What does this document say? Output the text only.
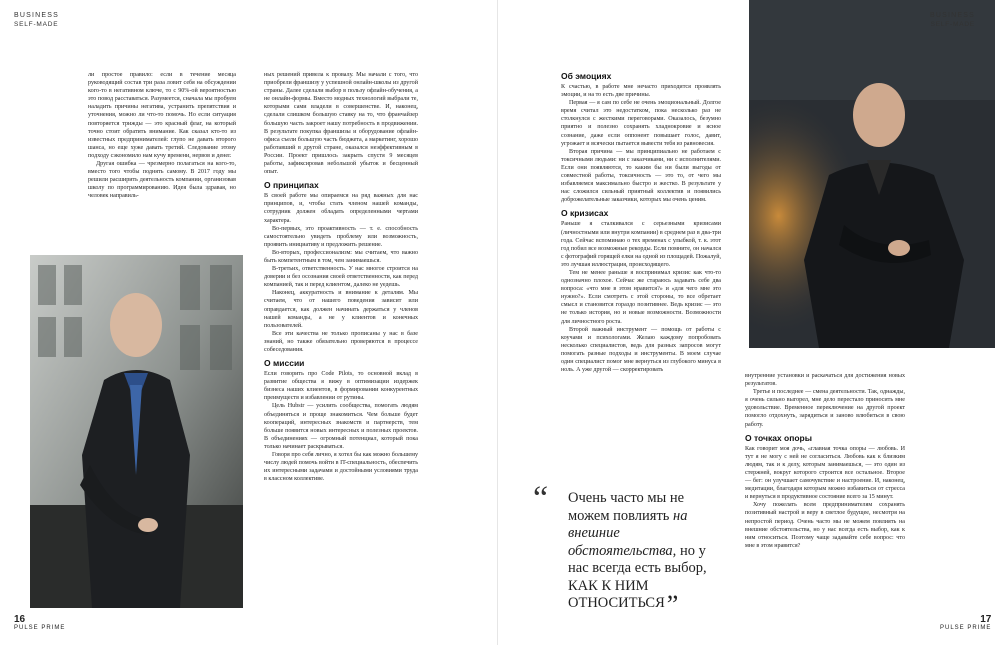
BUSINESS
SELF-MADE

ли простое правило: если в течение месяца руководящий состав три раза ловит себя на обсуждении кого-то в негативном ключе, то с 90%-ой вероятностью это повод расставаться. Разумеется, сначала мы пробуем наладить причины негатива, устранить препятствия и уточнения, можно ли что-то помочь. Но если ситуация повторяется трижды — это красный флаг, на который точно стоит обратить внимание. Как сказал кто-то из известных предпринимателей: глупо не давать второго шанса, но еще хуже давать третий. Следование этому подходу сэкономило нам кучу времени, нервов и денег.

Другая ошибка — чрезмерно полагаться на кого-то, вместо того чтобы поднять самому. В 2017 году мы решили расширить деятельность компании, организовав школу по программированию. Идея была здравая, но человек направиль-

ных решений привела к провалу. Мы начали с того, что приобрели франшизу у успешной онлайн-школы из другой страны. Далее сделали выбор в пользу офлайн-обучения, а не онлайн-формы. Вместо модных технологий выбрали те, которыми сами владели в совершенстве. И, наконец, сделали слишком большую ставку на то, что франчайзер большую часть закроет нашу потребность в продвижении. В результате покупка франшизы и оборудование офлайн-офиса съели большую часть бюджета, а маркетинг, хорошо работавший в другой стране, оказался неэффективным в России. Проект пришлось закрыть спустя 9 месяцев работы, зафиксировав небольшой убыток и бесценный опыт.

О принципах

В своей работе мы опираемся на ряд важных для нас принципов, и, чтобы стать членом нашей команды, сотрудник должен обладать определенными чертами характера.

Во-первых, это проактивность — т. е. способность самостоятельно увидеть проблему или возможность, проявить инициативу и предложить решение.

Во-вторых, профессионализм: мы считаем, что важно быть компетентным в том, чем занимаешься.

В-третьих, ответственность. У нас многое строится на доверии и без осознания своей ответственности, как перед компанией, так и перед клиентом, далеко не уедешь.

Наконец, аккуратность и внимание к деталям. Мы считаем, что от нашего поведения зависит или оправдается, как должен начинать держаться у членов нашей команды, а не у клиентов и конечных пользователей.

Все эти качества не только прописаны у нас в базе знаний, но также обязательно проверяются в процессе собеседования.

О миссии

Если говорить про Code Pilots, то основной вклад в развитие общества я вижу в оптимизации издержек бизнеса наших клиентов, в формировании конкурентных преимуществ и избавлении от рутины.

Цель Hubstr — усилить сообщества, помогать людям объединяться и проще знакомиться. Чем больше будет коопераций, интересных знакомств и партнерств, тем больше появится новых интересных и полезных проектов. В объединениях — огромный потенциал, который пока только начинает раскрываться.

Говоря про себя лично, я хотел бы как можно большему числу людей помочь войти в IT-специальность, обеспечить их интересными задачами и достойными условиями труда в классном коллективе.

16
PULSE PRIME
BUSINESS
SELF-MADE
Об эмоциях

К счастью, в работе мне нечасто приходится проявлять эмоции, и на то есть две причины.

Первая — я сам по себе не очень эмоциональный. Долгое время считал это недостатком, пока несколько раз не столкнулся с жесткими переговорами. Оказалось, безумно приятно и полезно сохранять хладнокровие и ясное сознание, даже если оппонент повышает голос, давит, угрожает и всячески пытается вывести тебя из равновесия.

Вторая причина — мы принципиально не работаем с токсичными людьми: ни с заказчиками, ни с исполнителями. Если они появляются, то каким бы ни были выгоды от совместной работы, токсичность — это то, от чего мы избавляемся максимально быстро и жестко. В результате у нас сложился сильный приятный коллектив и появились доброжелательные заказчики, которых мы очень ценим.

О кризисах

Раньше я сталкивался с серьезными кризисами (личностными или внутри компании) в среднем раз в два-три года. Сейчас вспоминаю о тех временах с улыбкой, т. к. этот год побил все возможные рекорды. Если помните, он начался с фотографий горящей елки на одной из площадей. Пожалуй, это лучшая иллюстрация, происходящего.

Тем не менее раньше я воспринимал кризис как что-то однозначно плохое. Сейчас же стараюсь задавать себе два вопроса: «что мне в этом нравится?» и «для чего мне это нужно?». Если смотреть с этой стороны, то все обретает смысл и становится гораздо позитивнее. Ведь кризис — это не только история, но и новые возможности. Возможности для личностного роста.

Второй важный инструмент — помощь от работы с коучами и психологами. Желаю каждому попробовать несколько специалистов, ведь для разных запросов могут помогать разные подходы и инструменты. В моем случае один специалист помог мне вернуться из глубокого минуса в ноль. А уже другой — скорректировать

внутренние установки и раскачаться для достижения новых результатов.

Третье и последнее — смена деятельности. Так, однажды, я очень сильно выгорел, мне дело перестало приносить мне удовольствие. Временное переключение на другой проект помогло отдохнуть, зарядиться и заново влюбиться в свою работу.

О точках опоры

Как говорит моя дочь, «главная точка опоры — любовь. И тут я не могу с ней не согласиться. Любовь как к близким людям, так и к делу, которым занимаешься, — это один из стержней, вокруг которого строится все остальное. Второе — бег: он улучшает самочувствие и настроение. И, наконец, медитации, благодаря которым можно избавиться от стресса и вернуться в продуктивное состояние всего за 15 минут.

Хочу пожелать всем предпринимателям сохранять позитивный настрой и веру в светлое будущее, несмотря на непростой период. Очень часто мы не можем повлиять на внешние обстоятельства, но у нас всегда есть выбор, как к ним относиться. Поэтому чаще задавайте себе вопрос: что мне в этом нравится?

“	Очень часто мы не можем повлиять на внешние обстоятельства, но у нас всегда есть выбор, КАК К НИМ ОТНОСИТЬСЯ”
17
PULSE PRIME
